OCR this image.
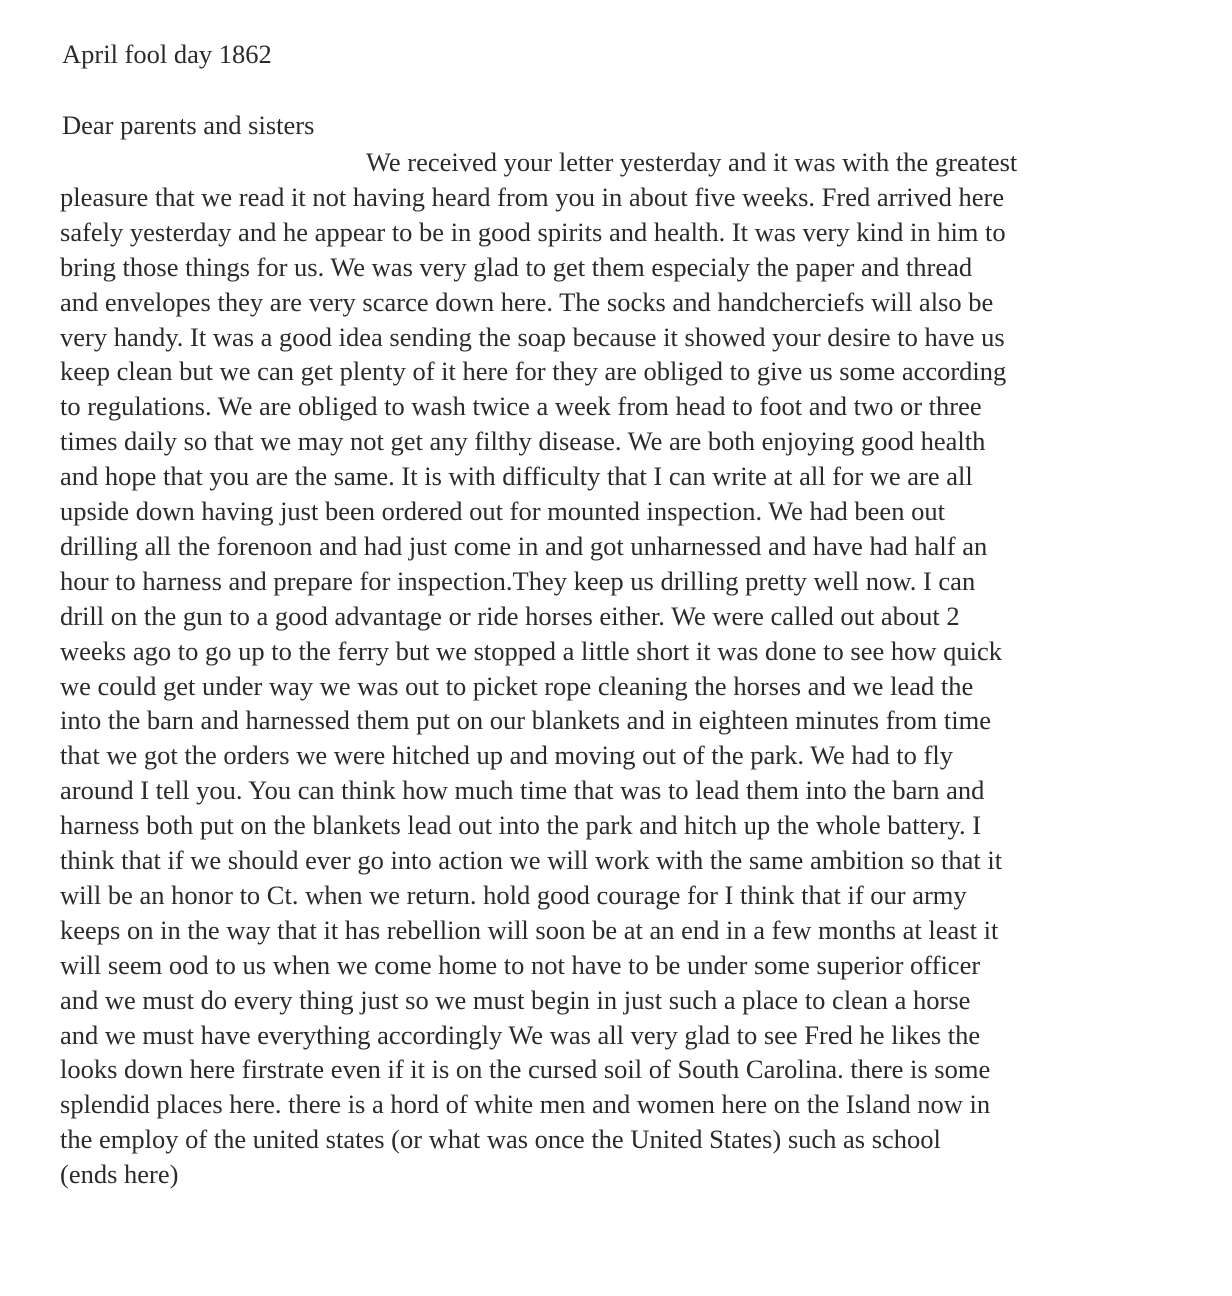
April fool day 1862
Dear parents and sisters
We received your letter yesterday and it was with the greatest
pleasure that we read it not having heard from you in about five weeks. Fred arrived here
safely yesterday and he appear to be in good spirits and health. It was very kind in him to
bring those things for us. We was very glad to get them especialy the paper and thread
and envelopes they are very scarce down here. The socks and handcherciefs will also be
very handy. It was a good idea sending the soap because it showed your desire to have us
keep clean but we can get plenty of it here for they are obliged to give us some according
to regulations. We are obliged to wash twice a week from head to foot and two or three
times daily so that we may not get any filthy disease. We are both enjoying good health
and hope that you are the same. It is with difficulty that I can write at all for we are all
upside down having just been ordered out for mounted inspection. We had been out
drilling all the forenoon and had just come in and got unharnessed and have had half an
hour to harness and prepare for inspection.They keep us drilling pretty well now. I can
drill on the gun to a good advantage or ride horses either. We were called out about 2
weeks ago to go up to the ferry but we stopped a little short it was done to see how quick
we could get under way we was out to picket rope cleaning the horses and we lead the
into the barn and harnessed them put on our blankets and in eighteen minutes from time
that we got the orders we were hitched up and moving out of the park. We had to fly
around I tell you. You can think how much time that was to lead them into the barn and
harness both put on the blankets lead out into the park and hitch up the whole battery. I
think that if we should ever go into action we will work with the same ambition so that it
will be an honor to Ct. when we return. hold good courage for I think that if our army
keeps on in the way that it has rebellion will soon be at an end in a few months at least it
will seem ood to us when we come home to not have to be under some superior officer
and we must do every thing just so we must begin in just such a place to clean a horse
and we must have everything accordingly We was all very glad to see Fred he likes the
looks down here firstrate even if it is on the cursed soil of South Carolina. there is some
splendid places here. there is a hord of white men and women here on the Island now in
the employ of the united states (or what was once the United States) such as school
(ends here)
